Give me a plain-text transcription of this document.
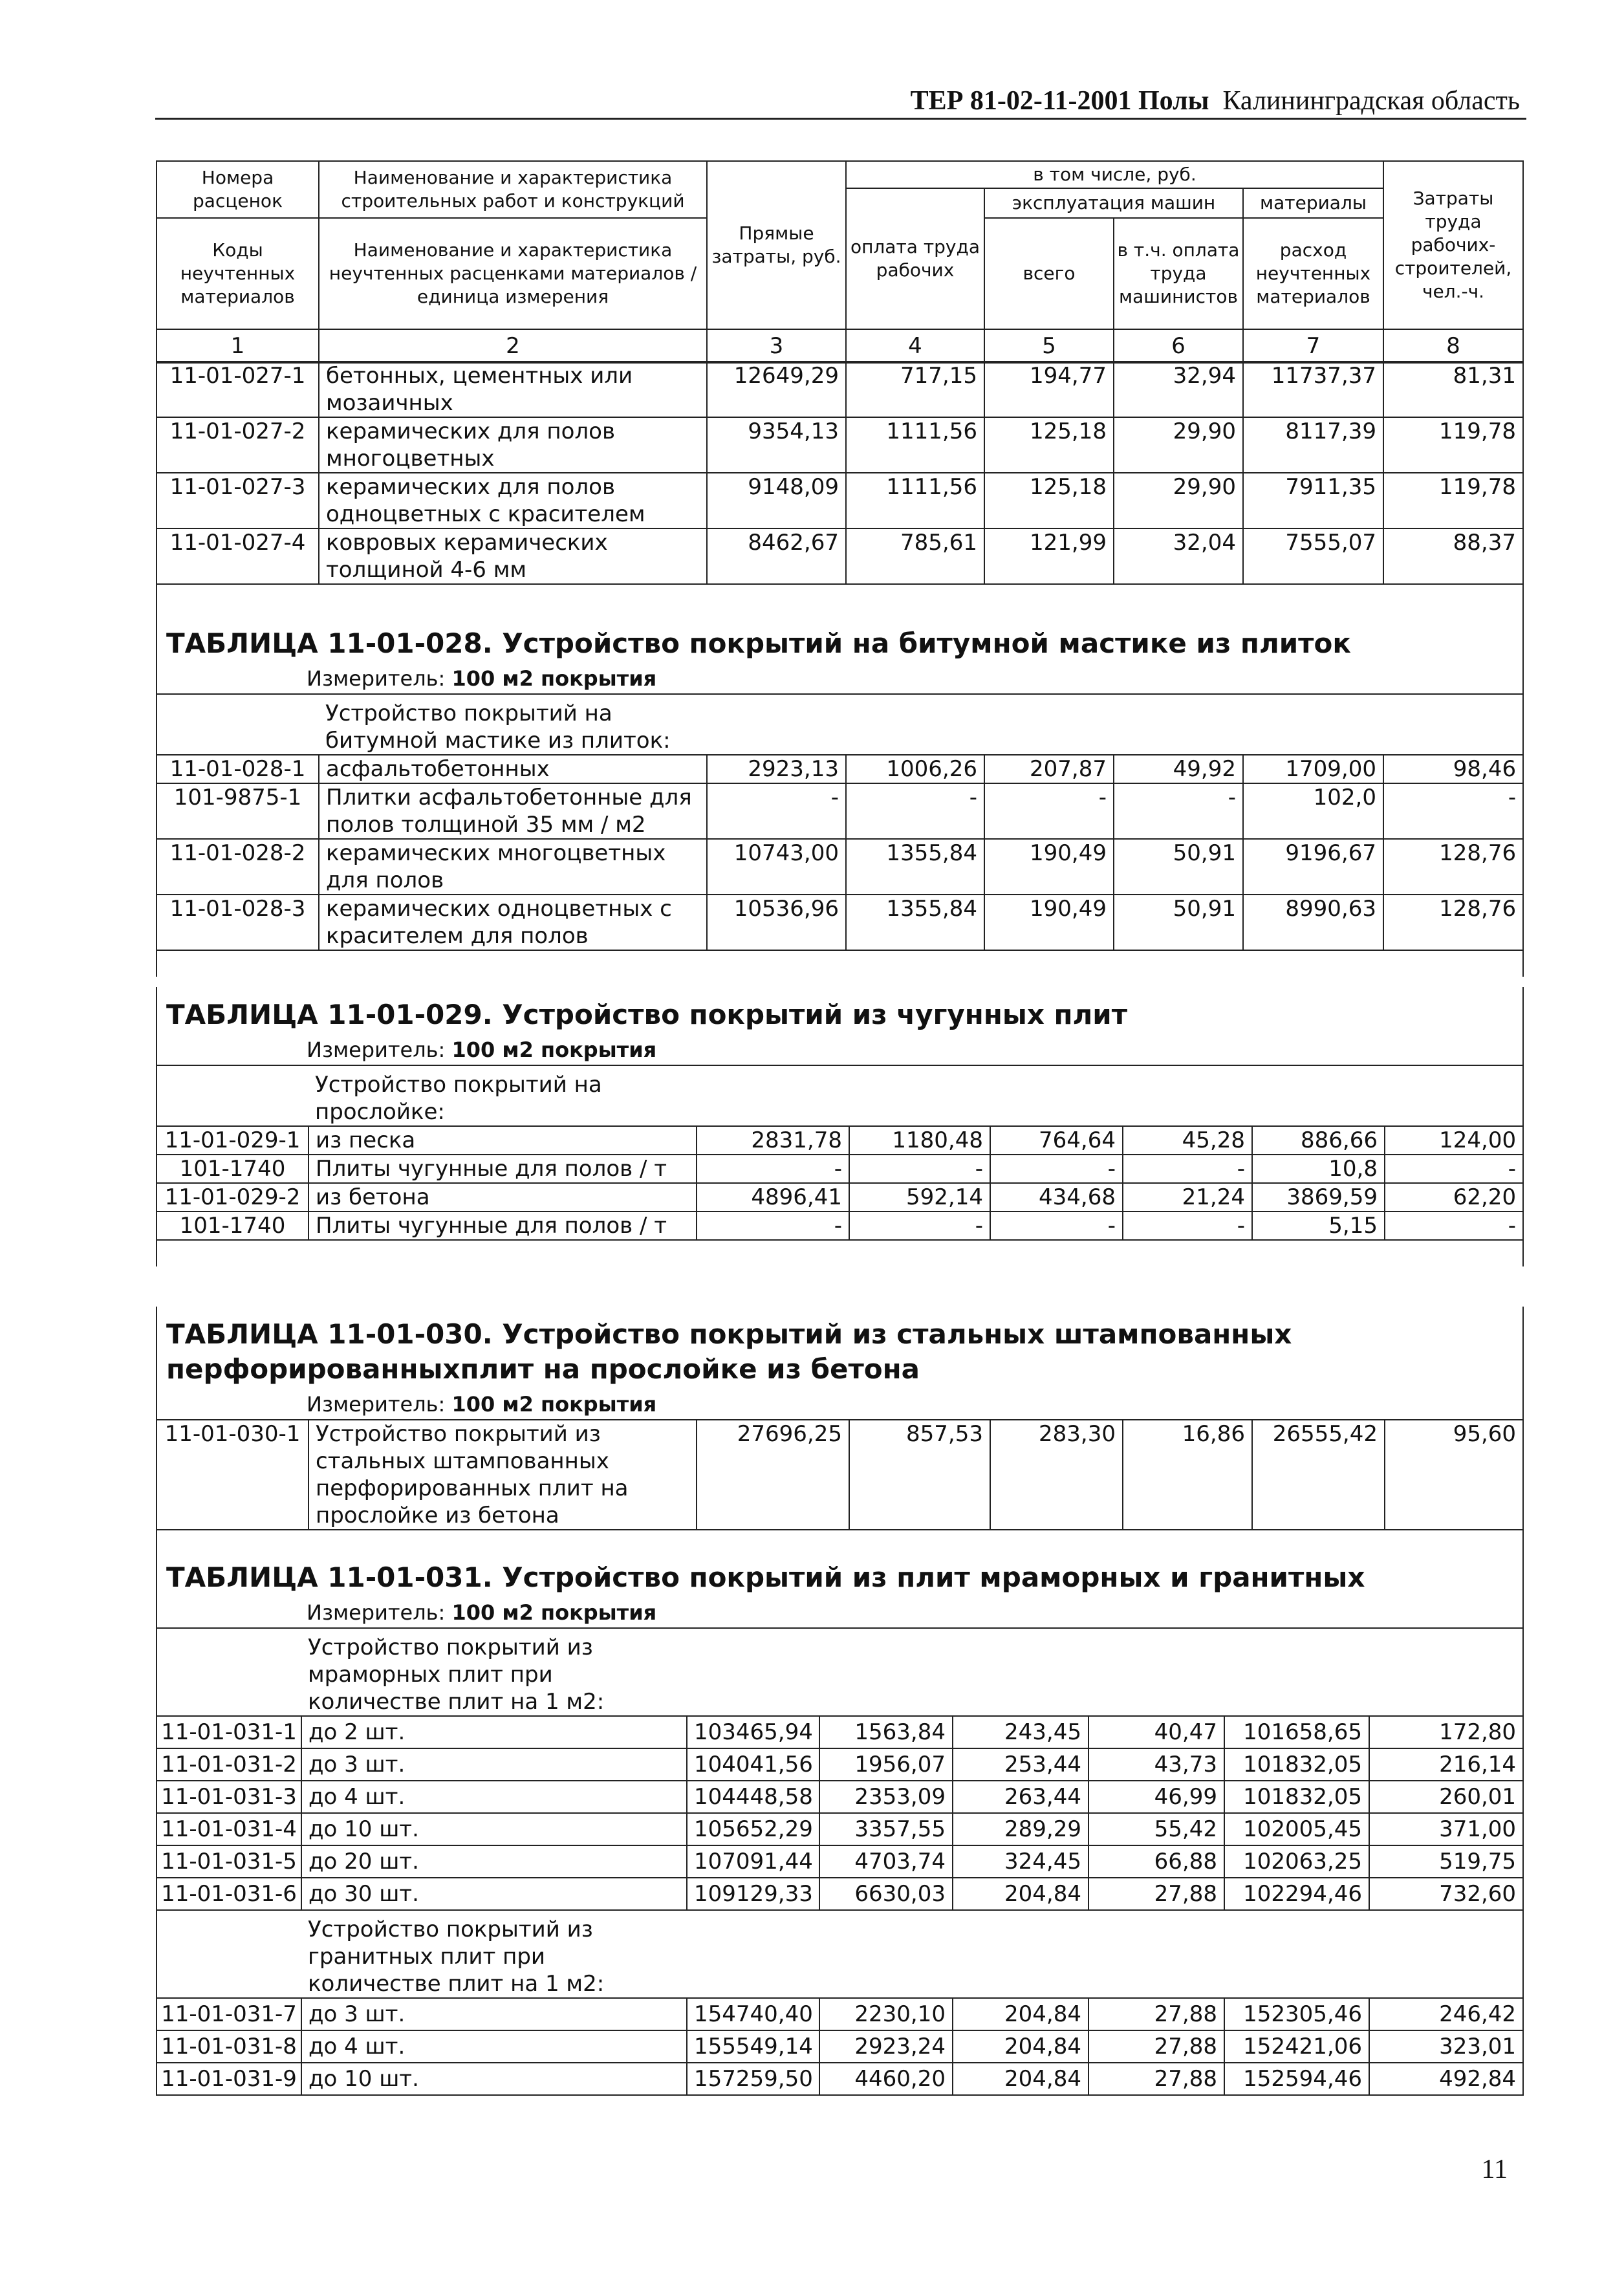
ТЕР 81-02-11-2001 Полы Калининградская область
Номера расценок	Наименование и характеристика строительных работ и конструкций	Прямые затраты, руб.	в том числе, руб.				Затраты труда рабочих-строителей, чел.-ч.
			оплата труда рабочих	эксплуатация машин		материалы	
Коды неучтенных материалов	Наименование и характеристика неучтенных расценками материалов / единица измерения			всего	в т.ч. оплата труда машинистов	расход неучтенных материалов	

1	2	3	4	5	6	7	8
11-01-027-1	бетонных, цементных или мозаичных	12649,29	717,15	194,77	32,94	11737,37	81,31
11-01-027-2	керамических для полов многоцветных	9354,13	1111,56	125,18	29,90	8117,39	119,78
11-01-027-3	керамических для полов одноцветных с красителем	9148,09	1111,56	125,18	29,90	7911,35	119,78
11-01-027-4	ковровых керамических толщиной 4-6 мм	8462,67	785,61	121,99	32,04	7555,07	88,37

ТАБЛИЦА 11-01-028. Устройство покрытий на битумной мастике из плиток							
Измеритель: 100 м2 покрытия							
	Устройство покрытий на битумной мастике из плиток:						
11-01-028-1	асфальтобетонных	2923,13	1006,26	207,87	49,92	1709,00	98,46
101-9875-1	Плитки асфальтобетонные для полов толщиной 35 мм / м2	-	-	-	-	102,0	-
11-01-028-2	керамических многоцветных для полов	10743,00	1355,84	190,49	50,91	9196,67	128,76
11-01-028-3	керамических одноцветных с красителем для полов	10536,96	1355,84	190,49	50,91	8990,63	128,76

ТАБЛИЦА 11-01-029. Устройство покрытий из чугунных плит							
Измеритель: 100 м2 покрытия							
	Устройство покрытий на прослойке:						
11-01-029-1	из песка	2831,78	1180,48	764,64	45,28	886,66	124,00
101-1740	Плиты чугунные для полов / т	-	-	-	-	10,8	-
11-01-029-2	из бетона	4896,41	592,14	434,68	21,24	3869,59	62,20
101-1740	Плиты чугунные для полов / т	-	-	-	-	5,15	-

ТАБЛИЦА 11-01-030. Устройство покрытий из стальных штампованных перфорированныхплит на прослойке из бетона
Измеритель: 100 м2 покрытия
11-01-030-1	Устройство покрытий из стальных штампованных перфорированных плит на прослойке из бетона	27696,25	857,53	283,30	16,86	26555,42	95,60

ТАБЛИЦА 11-01-031. Устройство покрытий из плит мраморных и гранитных							
Измеритель: 100 м2 покрытия							
	Устройство покрытий из мраморных плит при количестве плит на 1 м2:						
11-01-031-1	до 2 шт.	103465,94	1563,84	243,45	40,47	101658,65	172,80
11-01-031-2	до 3 шт.	104041,56	1956,07	253,44	43,73	101832,05	216,14
11-01-031-3	до 4 шт.	104448,58	2353,09	263,44	46,99	101832,05	260,01
11-01-031-4	до 10 шт.	105652,29	3357,55	289,29	55,42	102005,45	371,00
11-01-031-5	до 20 шт.	107091,44	4703,74	324,45	66,88	102063,25	519,75
11-01-031-6	до 30 шт.	109129,33	6630,03	204,84	27,88	102294,46	732,60
	Устройство покрытий из гранитных плит при количестве плит на 1 м2:						
11-01-031-7	до 3 шт.	154740,40	2230,10	204,84	27,88	152305,46	246,42
11-01-031-8	до 4 шт.	155549,14	2923,24	204,84	27,88	152421,06	323,01
11-01-031-9	до 10 шт.	157259,50	4460,20	204,84	27,88	152594,46	492,84
11
